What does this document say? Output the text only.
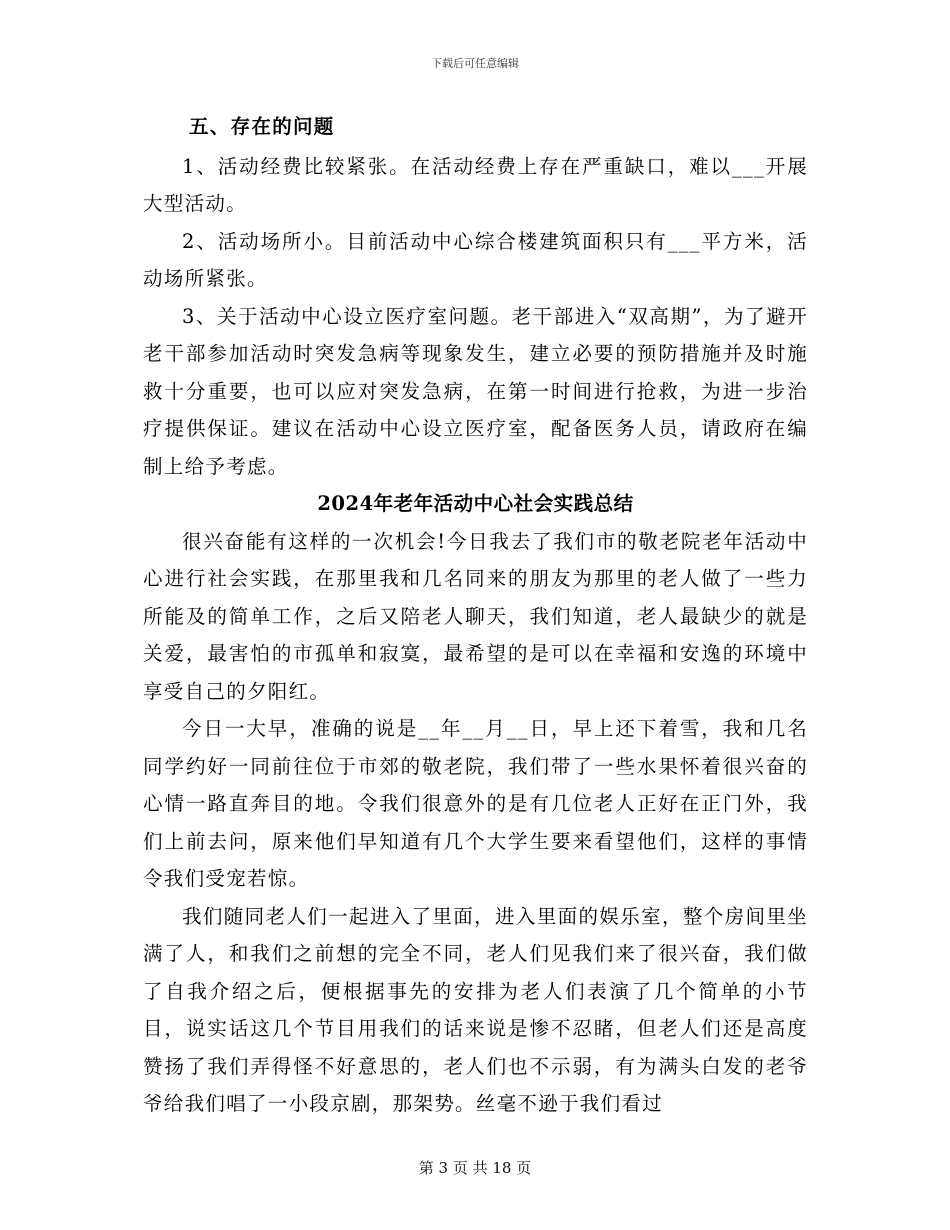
下载后可任意编辑
五、存在的问题

1、活动经费比较紧张。在活动经费上存在严重缺口，难以___开展大型活动。

2、活动场所小。目前活动中心综合楼建筑面积只有___平方米，活动场所紧张。

3、关于活动中心设立医疗室问题。老干部进入“双高期”，为了避开老干部参加活动时突发急病等现象发生，建立必要的预防措施并及时施救十分重要，也可以应对突发急病，在第一时间进行抢救，为进一步治疗提供保证。建议在活动中心设立医疗室，配备医务人员，请政府在编制上给予考虑。

2024年老年活动中心社会实践总结

很兴奋能有这样的一次机会!今日我去了我们市的敬老院老年活动中心进行社会实践，在那里我和几名同来的朋友为那里的老人做了一些力所能及的简单工作，之后又陪老人聊天，我们知道，老人最缺少的就是关爱，最害怕的市孤单和寂寞，最希望的是可以在幸福和安逸的环境中享受自己的夕阳红。

今日一大早，准确的说是__年__月__日，早上还下着雪，我和几名同学约好一同前往位于市郊的敬老院，我们带了一些水果怀着很兴奋的心情一路直奔目的地。令我们很意外的是有几位老人正好在正门外，我们上前去问，原来他们早知道有几个大学生要来看望他们，这样的事情令我们受宠若惊。

我们随同老人们一起进入了里面，进入里面的娱乐室，整个房间里坐满了人，和我们之前想的完全不同，老人们见我们来了很兴奋，我们做了自我介绍之后，便根据事先的安排为老人们表演了几个简单的小节目，说实话这几个节目用我们的话来说是惨不忍睹，但老人们还是高度赞扬了我们弄得怪不好意思的，老人们也不示弱，有为满头白发的老爷爷给我们唱了一小段京剧，那架势。丝毫不逊于我们看过

第 3 页 共 18 页
